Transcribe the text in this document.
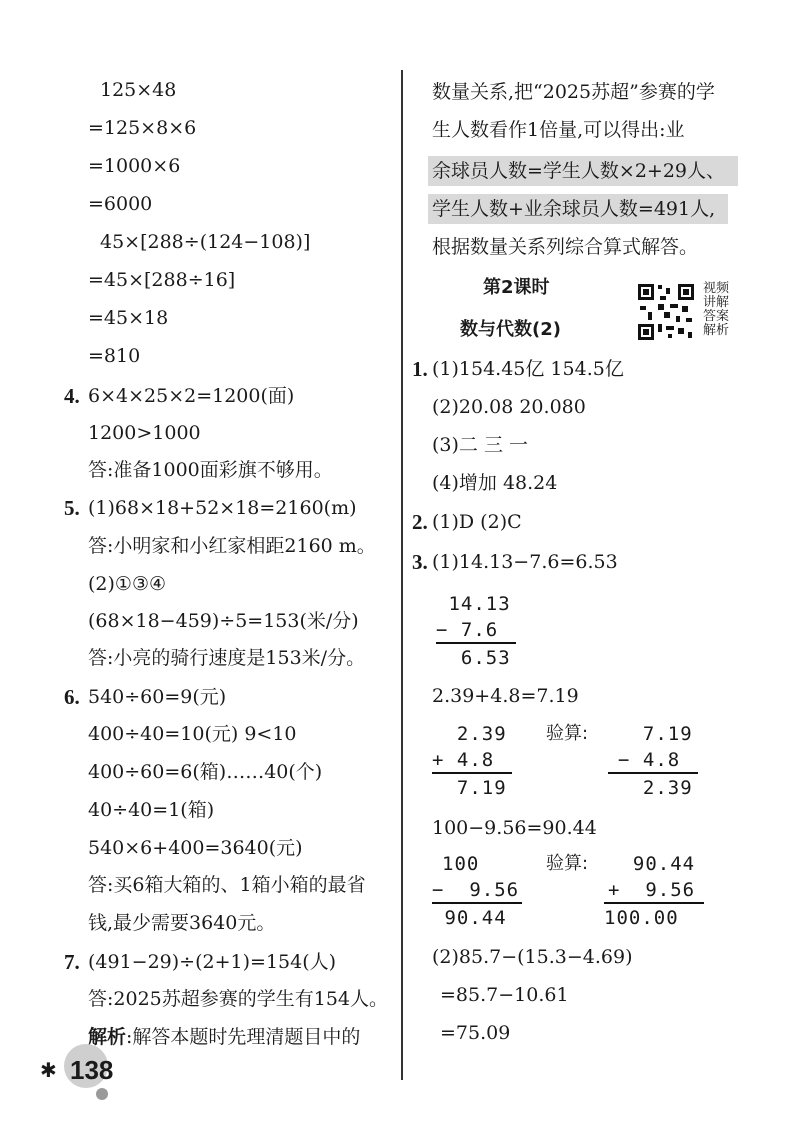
125×48
=125×8×6
=1000×6
=6000
45×[288÷(124−108)]
=45×[288÷16]
=45×18
=810
4. 6×4×25×2=1200(面)
1200>1000
答:准备1000面彩旗不够用。
5. (1)68×18+52×18=2160(m)
答:小明家和小红家相距2160 m。
(2)①③④
(68×18−459)÷5=153(米/分)
答:小亮的骑行速度是153米/分。
6. 540÷60=9(元)
400÷40=10(元) 9<10
400÷60=6(箱)……40(个)
40÷40=1(箱)
540×6+400=3640(元)
答:买6箱大箱的、1箱小箱的最省
钱,最少需要3640元。
7. (491−29)÷(2+1)=154(人)
答:2025苏超参赛的学生有154人。
解析:解答本题时先理清题目中的
数量关系,把“2025苏超”参赛的学
生人数看作1倍量,可以得出:业
余球员人数=学生人数×2+29人、
学生人数+业余球员人数=491人,
根据数量关系列综合算式解答。
第2课时
数与代数(2)
视频讲解答案解析
1. (1)154.45亿 154.5亿
(2)20.08 20.080
(3)二 三 一
(4)增加 48.24
2. (1)D (2)C
3. (1)14.13−7.6=6.53
14.13
− 7.6
6.53
2.39+4.8=7.19
2.39
+ 4.8
7.19
验算: 7.19
− 4.8
2.39
100−9.56=90.44
100
−  9.56
90.44
验算: 90.44
+  9.56
100.00
(2)85.7−(15.3−4.69)
=85.7−10.61
=75.09
✱ 138
